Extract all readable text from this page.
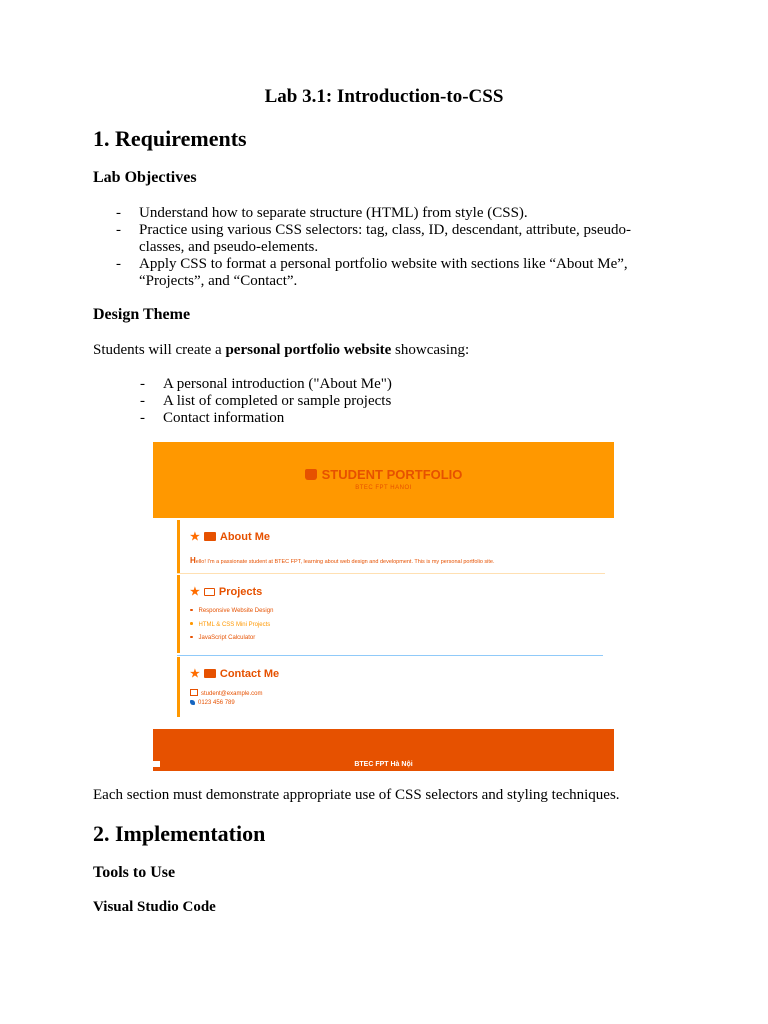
Lab 3.1: Introduction-to-CSS
1. Requirements
Lab Objectives
- Understand how to separate structure (HTML) from style (CSS).
- Practice using various CSS selectors: tag, class, ID, descendant, attribute, pseudo-
classes, and pseudo-elements.
- Apply CSS to format a personal portfolio website with sections like “About Me”,
“Projects”, and “Contact”.
Design Theme

Students will create a personal portfolio website showcasing:

- A personal introduction ("About Me")
- A list of completed or sample projects
- Contact information
STUDENT PORTFOLIO
BTEC FPT HANOI
★ About Me
Hello! I'm a passionate student at BTEC FPT, learning about web design and development. This is my personal portfolio site.
★ Projects
Responsive Website Design
HTML & CSS Mini Projects
JavaScript Calculator
★ Contact Me
student@example.com
0123 456 789
BTEC FPT Hà Nội

Each section must demonstrate appropriate use of CSS selectors and styling techniques.

2. Implementation
Tools to Use
Visual Studio Code
